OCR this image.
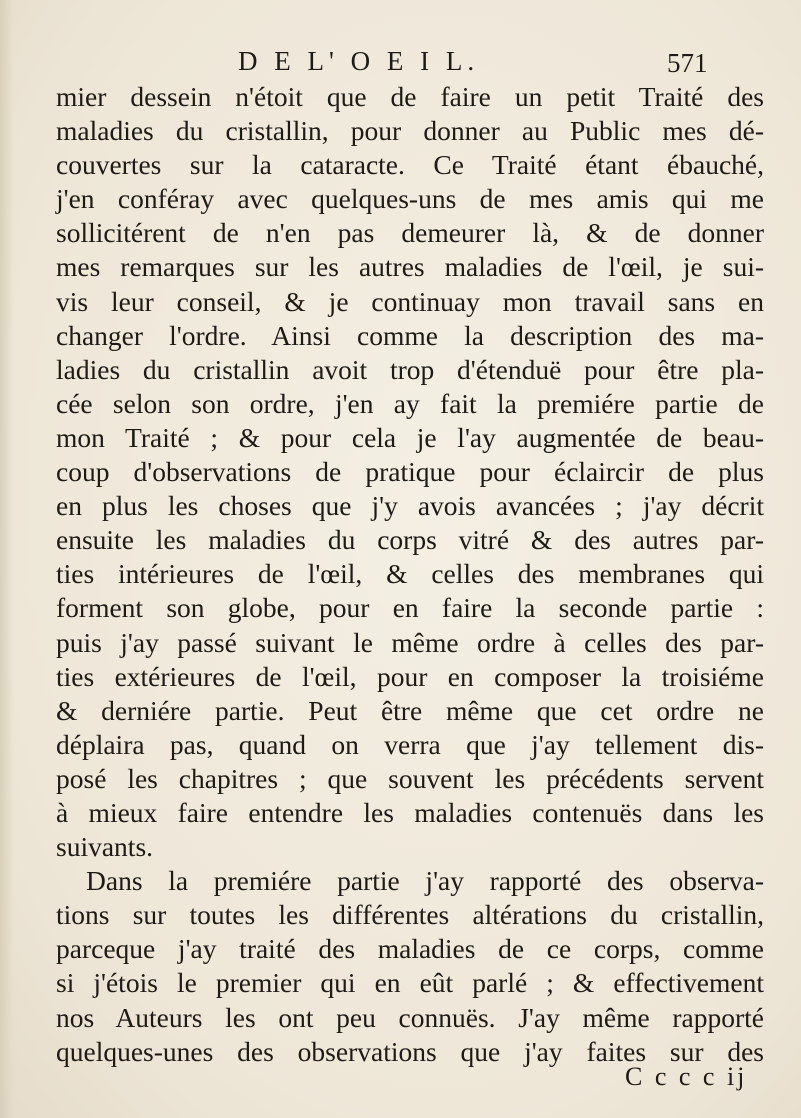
D E L' O E I L.	571
mier dessein n'étoit que de faire un petit Traité des
maladies du cristallin, pour donner au Public mes dé-
couvertes sur la cataracte. Ce Traité étant ébauché,
j'en conféray avec quelques-uns de mes amis qui me
sollicitérent de n'en pas demeurer là, & de donner
mes remarques sur les autres maladies de l'œil, je sui-
vis leur conseil, & je continuay mon travail sans en
changer l'ordre. Ainsi comme la description des ma-
ladies du cristallin avoit trop d'étenduë pour être pla-
cée selon son ordre, j'en ay fait la premiére partie de
mon Traité ; & pour cela je l'ay augmentée de beau-
coup d'observations de pratique pour éclaircir de plus
en plus les choses que j'y avois avancées ; j'ay décrit
ensuite les maladies du corps vitré & des autres par-
ties intérieures de l'œil, & celles des membranes qui
forment son globe, pour en faire la seconde partie :
puis j'ay passé suivant le même ordre à celles des par-
ties extérieures de l'œil, pour en composer la troisiéme
& derniére partie. Peut être même que cet ordre ne
déplaira pas, quand on verra que j'ay tellement dis-
posé les chapitres ; que souvent les précédents servent
à mieux faire entendre les maladies contenuës dans les
suivants.
Dans la premiére partie j'ay rapporté des observa-
tions sur toutes les différentes altérations du cristallin,
parceque j'ay traité des maladies de ce corps, comme
si j'étois le premier qui en eût parlé ; & effectivement
nos Auteurs les ont peu connuës. J'ay même rapporté
quelques-unes des observations que j'ay faites sur des
C c c c ij
